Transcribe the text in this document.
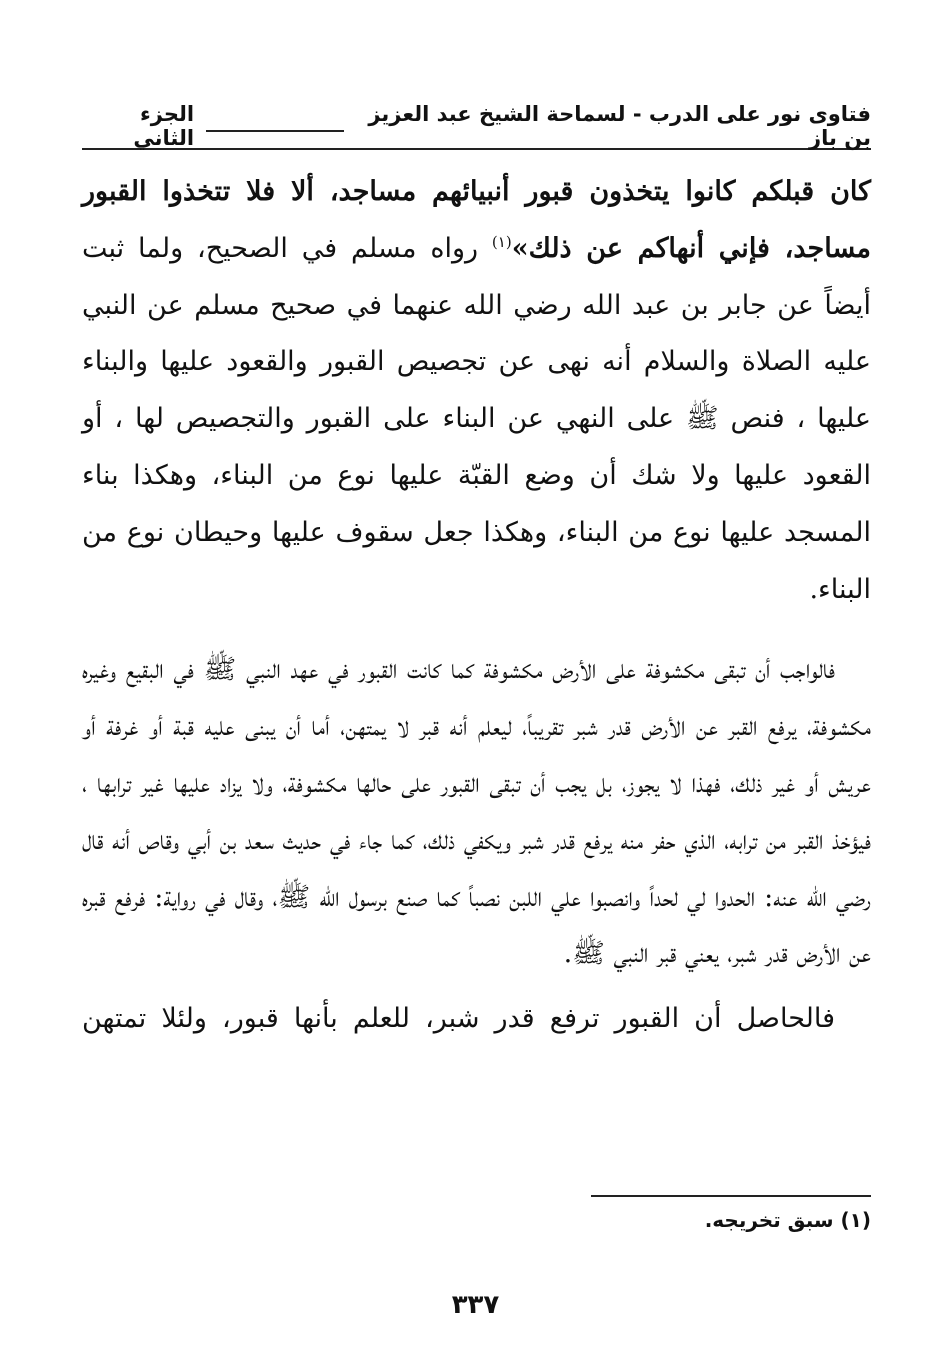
فتاوى نور على الدرب - لسماحة الشيخ عبد العزيز بن باز
الجزء الثاني

كان قبلكم كانوا يتخذون قبور أنبيائهم مساجد، ألا فلا تتخذوا القبور مساجد، فإني أنهاكم عن ذلك»$^{(١)}$ رواه مسلم في الصحيح، ولما ثبت أيضاً عن جابر بن عبد الله رضي الله عنهما في صحيح مسلم عن النبي عليه الصلاة والسلام أنه نهى عن تجصيص القبور والقعود عليها والبناء عليها ، فنص ﷺ على النهي عن البناء على القبور والتجصيص لها ، أو القعود عليها ولا شك أن وضع القبّة عليها نوع من البناء، وهكذا بناء المسجد عليها نوع من البناء، وهكذا جعل سقوف عليها وحيطان نوع من البناء.

فالواجب أن تبقى مكشوفة على الأرض مكشوفة كما كانت القبور في عهد النبي ﷺ في البقيع وغيره مكشوفة، يرفع القبر عن الأرض قدر شبر تقريباً، ليعلم أنه قبر لا يمتهن، أما أن يبنى عليه قبة أو غرفة أو عريش أو غير ذلك، فهذا لا يجوز، بل يجب أن تبقى القبور على حالها مكشوفة، ولا يزاد عليها غير ترابها ، فيؤخذ القبر من ترابه، الذي حفر منه يرفع قدر شبر ويكفي ذلك، كما جاء في حديث سعد بن أبي وقاص أنه قال رضي الله عنه: الحدوا لي لحداً وانصبوا علي اللبن نصباً كما صنع برسول الله ﷺ، وقال في رواية: فرفع قبره عن الأرض قدر شبر، يعني قبر النبي ﷺ.

فالحاصل أن القبور ترفع قدر شبر، للعلم بأنها قبور، ولئلا تمتهن

(١) سبق تخريجه.
٣٣٧
